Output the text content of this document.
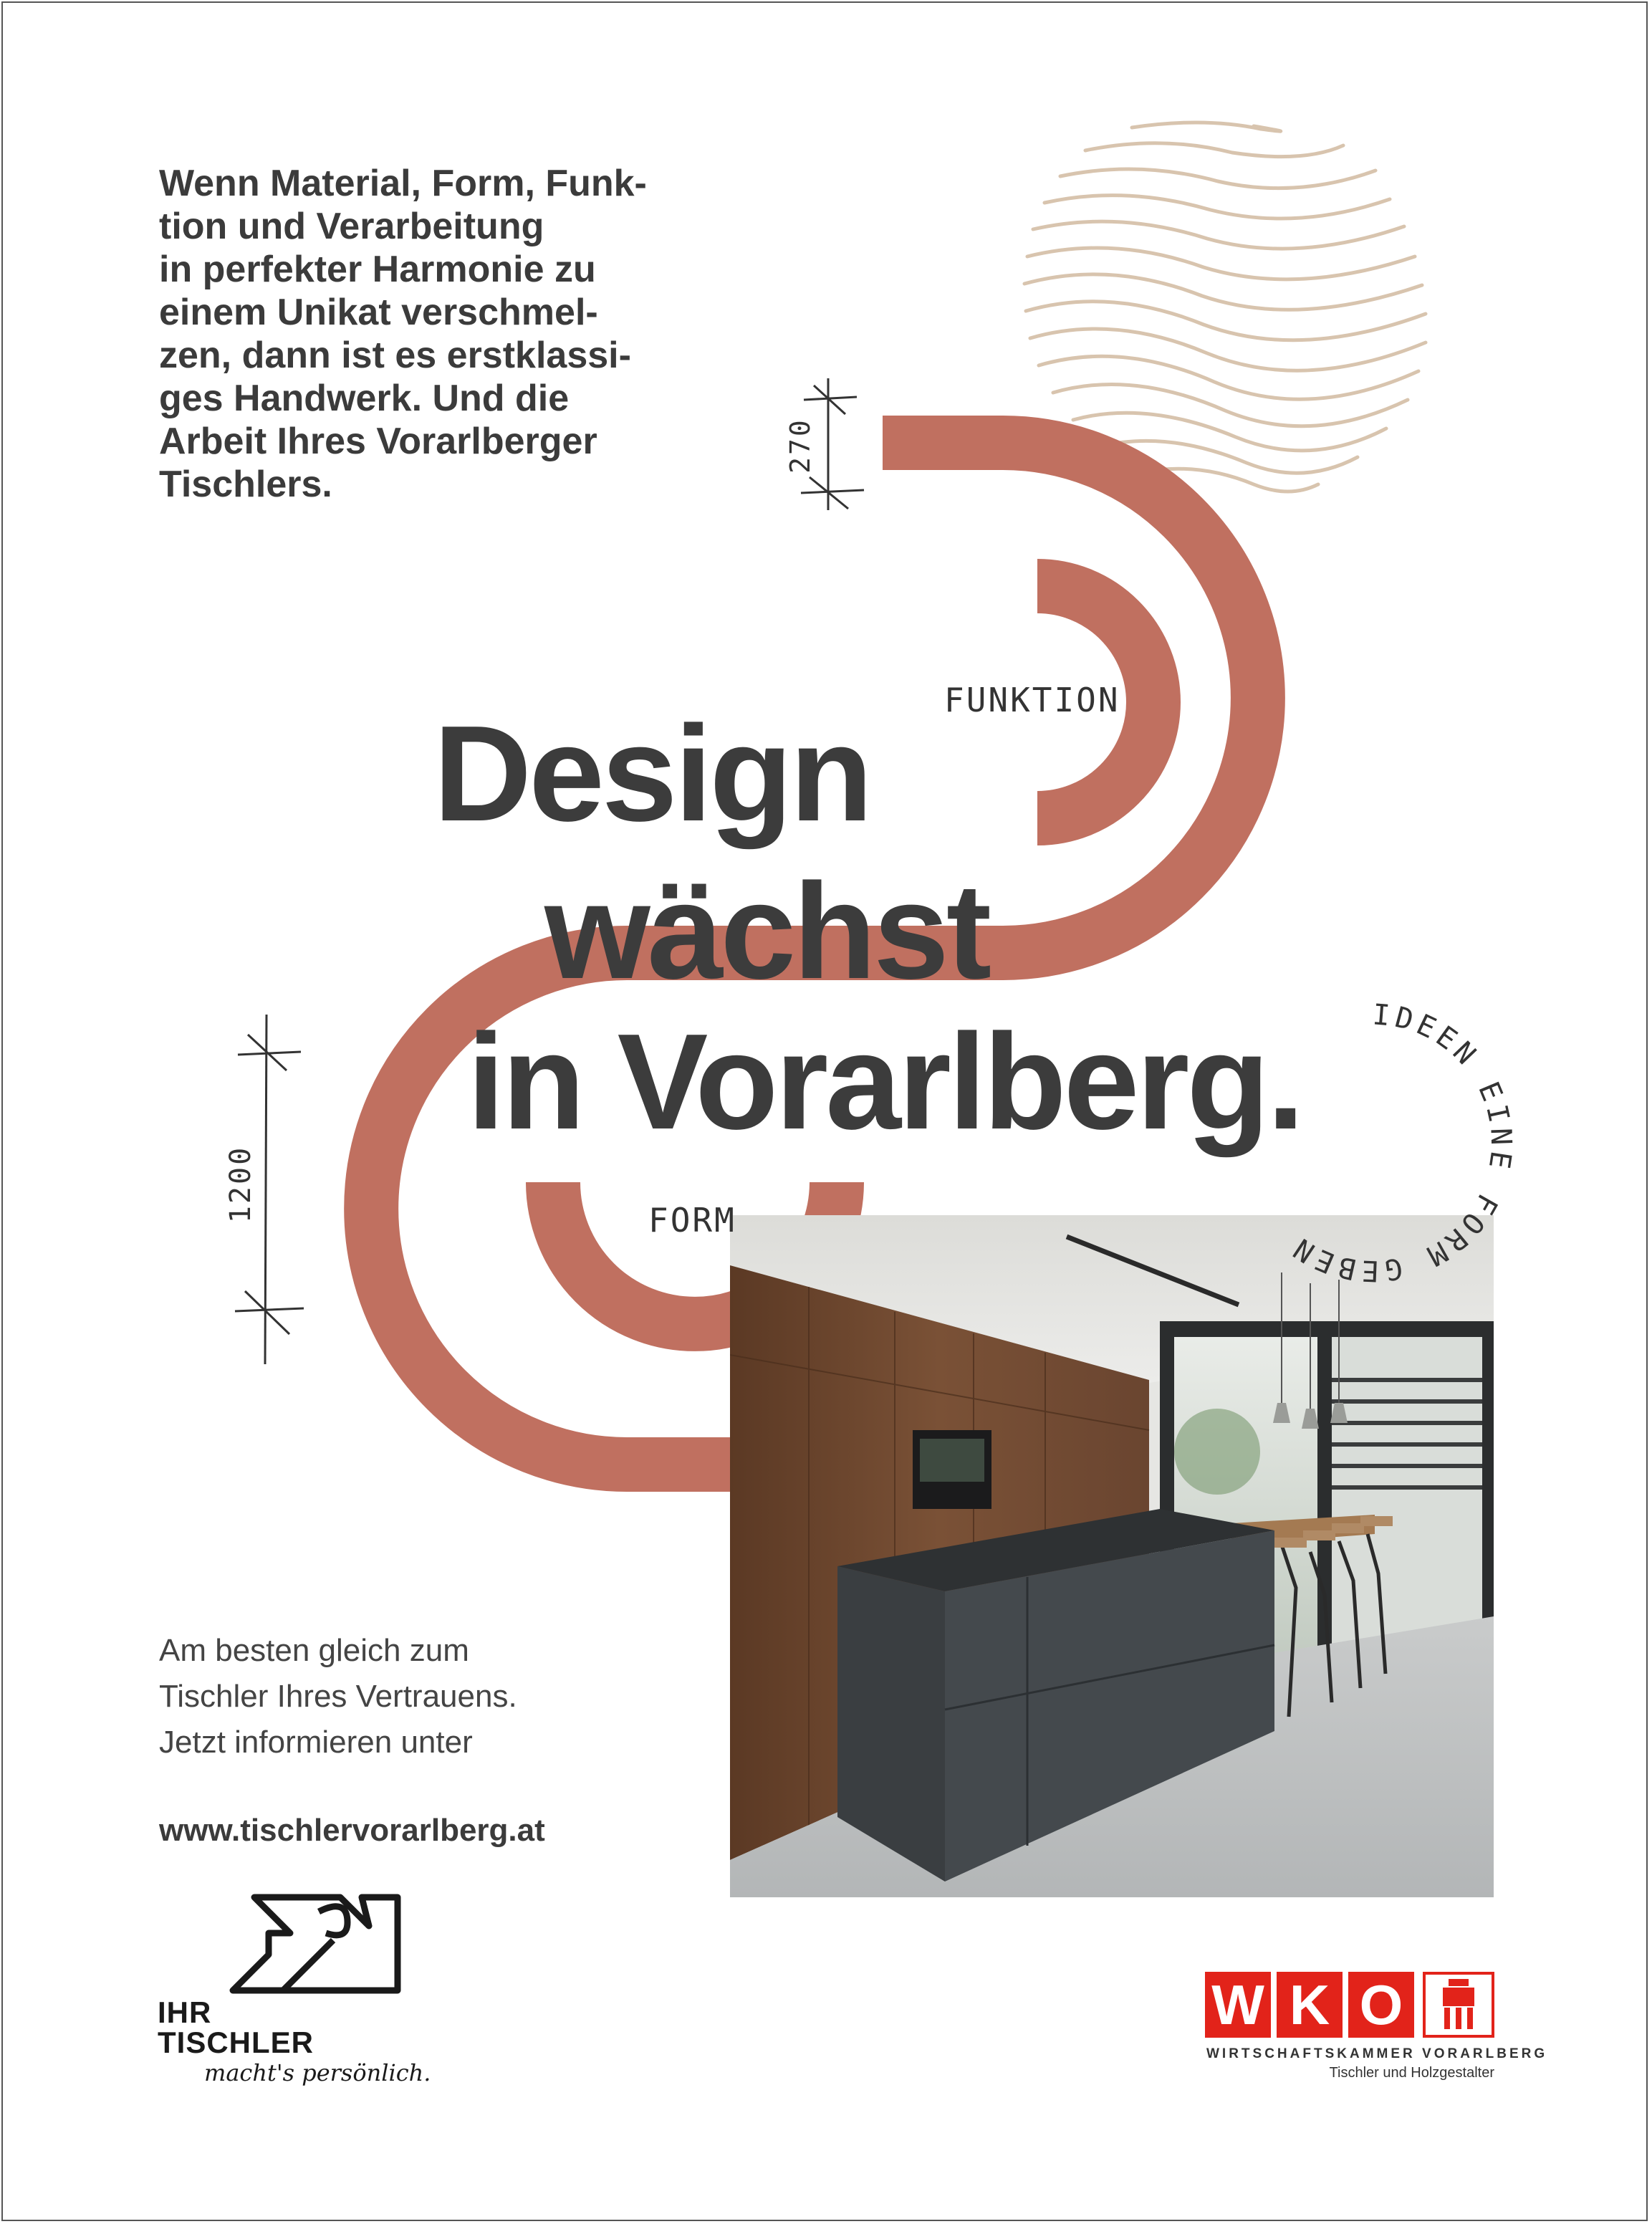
Wenn Material, Form, Funk-
tion und Verarbeitung
in perfekter Harmonie zu
einem Unikat verschmel-
zen, dann ist es erstklassi-
ges Handwerk. Und die
Arbeit Ihres Vorarlberger
Tischlers.
Design
wächst
in Vorarlberg.
270
1200
FUNKTION
FORM
IDEEN EINE FORM GEBEN
Am besten gleich zum
Tischler Ihres Vertrauens.
Jetzt informieren unter
www.tischlervorarlberg.at
IHR
TISCHLER
macht's persönlich.
W K O
WIRTSCHAFTSKAMMER VORARLBERG
Tischler und Holzgestalter
